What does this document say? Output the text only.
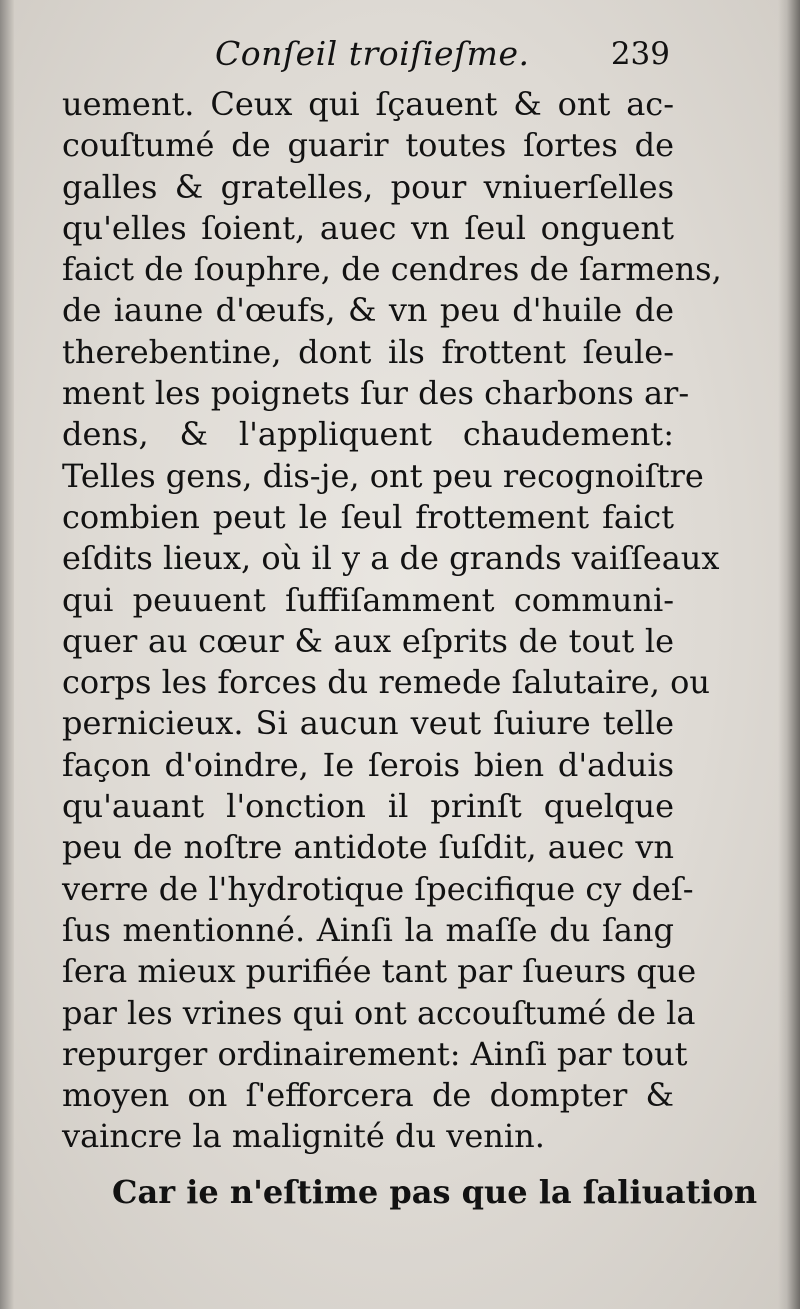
Conſeil troiſieſme.	239
uement. Ceux qui ſçauent & ont ac-
couſtumé de guarir toutes ſortes de
galles & gratelles, pour vniuerſelles
qu'elles ſoient, auec vn ſeul onguent
faict de ſouphre, de cendres de ſarmens,
de iaune d'œufs, & vn peu d'huile de
therebentine, dont ils frottent ſeule-
ment les poignets ſur des charbons ar-
dens, & l'appliquent chaudement:
Telles gens, dis-je, ont peu recognoiſtre
combien peut le ſeul frottement faict
eſdits lieux, où il y a de grands vaiſſeaux
qui peuuent ſuffiſamment communi-
quer au cœur & aux eſprits de tout le
corps les forces du remede ſalutaire, ou
pernicieux. Si aucun veut ſuiure telle
façon d'oindre, Ie ſerois bien d'aduis
qu'auant l'onction il prinſt quelque
peu de noſtre antidote ſuſdit, auec vn
verre de l'hydrotique ſpecifique cy deſ-
ſus mentionné. Ainſi la maſſe du ſang
ſera mieux purifiée tant par ſueurs que
par les vrines qui ont accouſtumé de la
repurger ordinairement: Ainſi par tout
moyen on ſ'efforcera de dompter &
vaincre la malignité du venin.
Car ie n'eſtime pas que la ſaliuation
